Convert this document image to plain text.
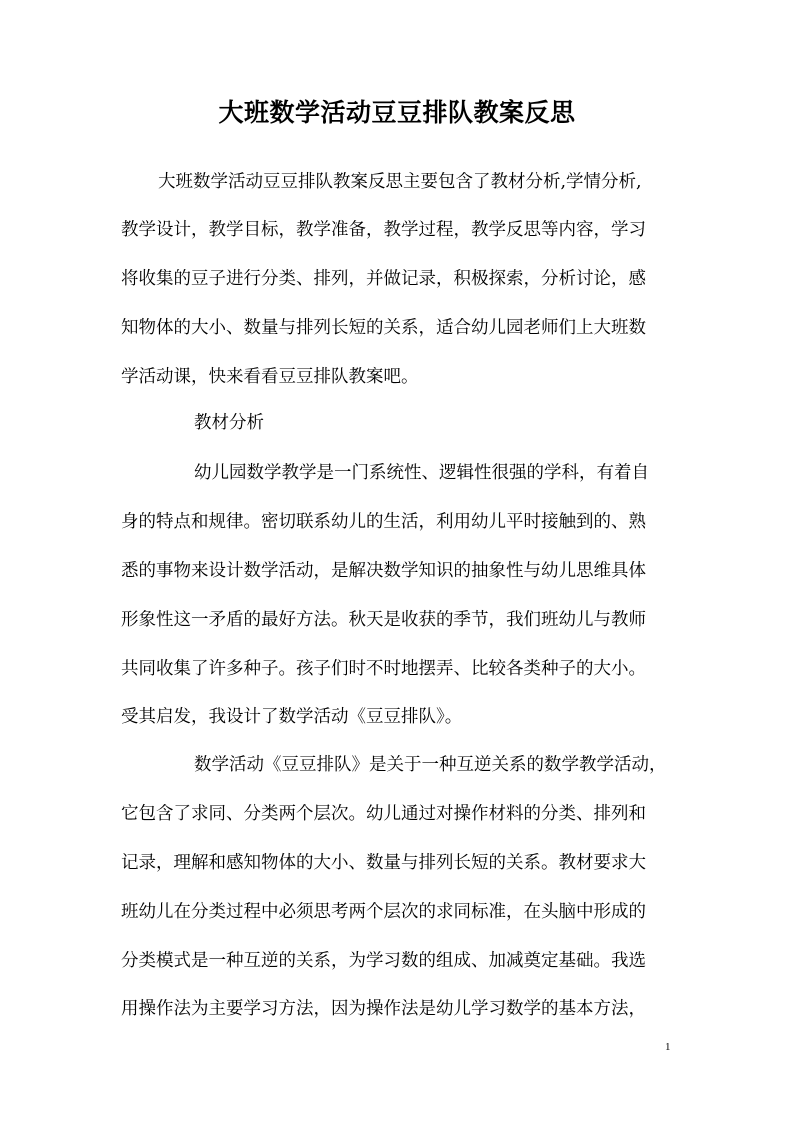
大班数学活动豆豆排队教案反思
大班数学活动豆豆排队教案反思主要包含了教材分析,学情分析,
教学设计，教学目标，教学准备，教学过程，教学反思等内容，学习
将收集的豆子进行分类、排列，并做记录，积极探索，分析讨论，感
知物体的大小、数量与排列长短的关系，适合幼儿园老师们上大班数
学活动课，快来看看豆豆排队教案吧。
教材分析
幼儿园数学教学是一门系统性、逻辑性很强的学科，有着自
身的特点和规律。密切联系幼儿的生活，利用幼儿平时接触到的、熟
悉的事物来设计数学活动，是解决数学知识的抽象性与幼儿思维具体
形象性这一矛盾的最好方法。秋天是收获的季节，我们班幼儿与教师
共同收集了许多种子。孩子们时不时地摆弄、比较各类种子的大小。
受其启发，我设计了数学活动《豆豆排队》。
数学活动《豆豆排队》是关于一种互逆关系的数学教学活动，
它包含了求同、分类两个层次。幼儿通过对操作材料的分类、排列和
记录，理解和感知物体的大小、数量与排列长短的关系。教材要求大
班幼儿在分类过程中必须思考两个层次的求同标准，在头脑中形成的
分类模式是一种互逆的关系，为学习数的组成、加减奠定基础。我选
用操作法为主要学习方法，因为操作法是幼儿学习数学的基本方法，
1
